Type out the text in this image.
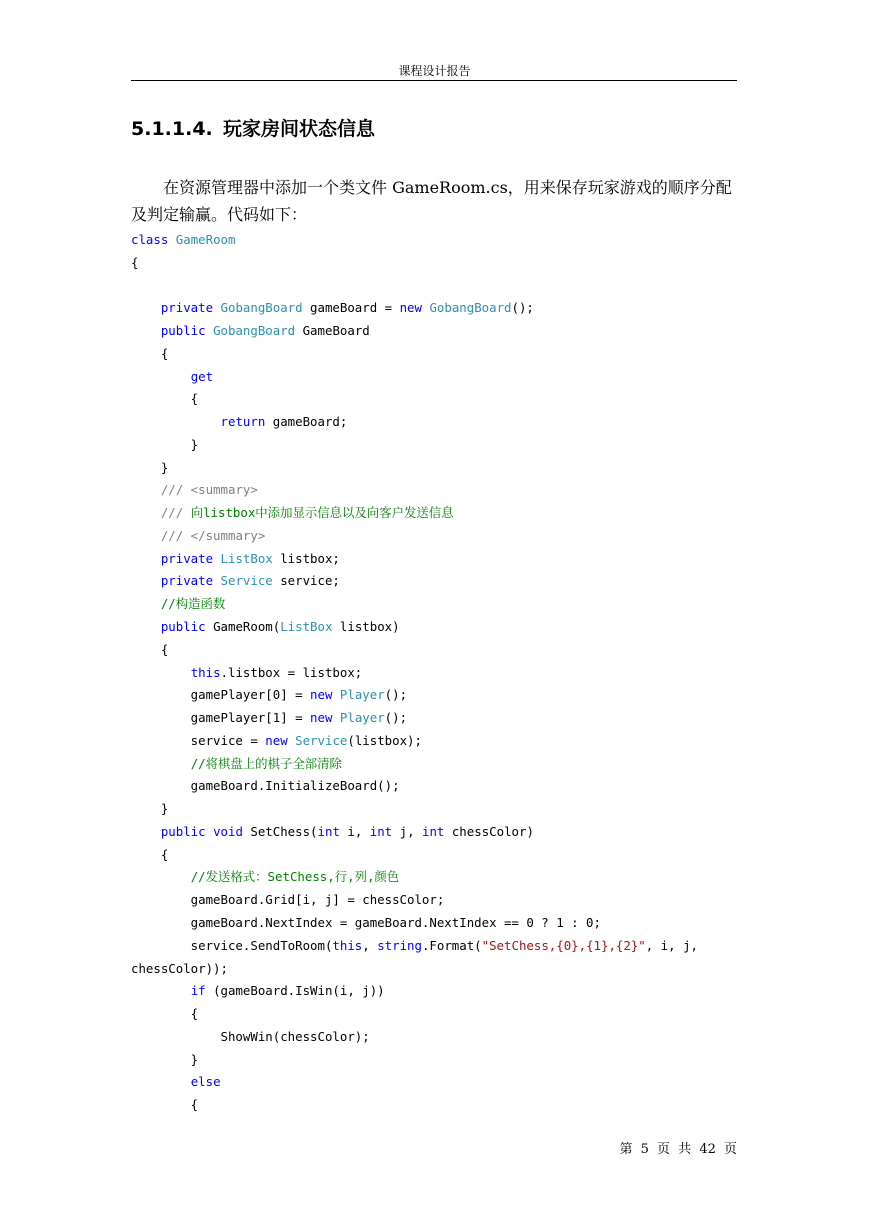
课程设计报告
5.1.1.4. 玩家房间状态信息

在资源管理器中添加一个类文件 GameRoom.cs，用来保存玩家游戏的顺序分配及判定输赢。代码如下：

class GameRoom
{

private GobangBoard gameBoard = new GobangBoard();
public GobangBoard GameBoard
{
get
{
return gameBoard;
}
}
/// <summary>
/// 向listbox中添加显示信息以及向客户发送信息
/// </summary>
private ListBox listbox;
private Service service;
//构造函数
public GameRoom(ListBox listbox)
{
this.listbox = listbox;
gamePlayer[0] = new Player();
gamePlayer[1] = new Player();
service = new Service(listbox);
//将棋盘上的棋子全部清除
gameBoard.InitializeBoard();
}
public void SetChess(int i, int j, int chessColor)
{
//发送格式：SetChess,行,列,颜色
gameBoard.Grid[i, j] = chessColor;
gameBoard.NextIndex = gameBoard.NextIndex == 0 ? 1 : 0;
service.SendToRoom(this, string.Format("SetChess,{0},{1},{2}", i, j,
chessColor));
if (gameBoard.IsWin(i, j))
{
ShowWin(chessColor);
}
else
{
第 5 页 共 42 页
